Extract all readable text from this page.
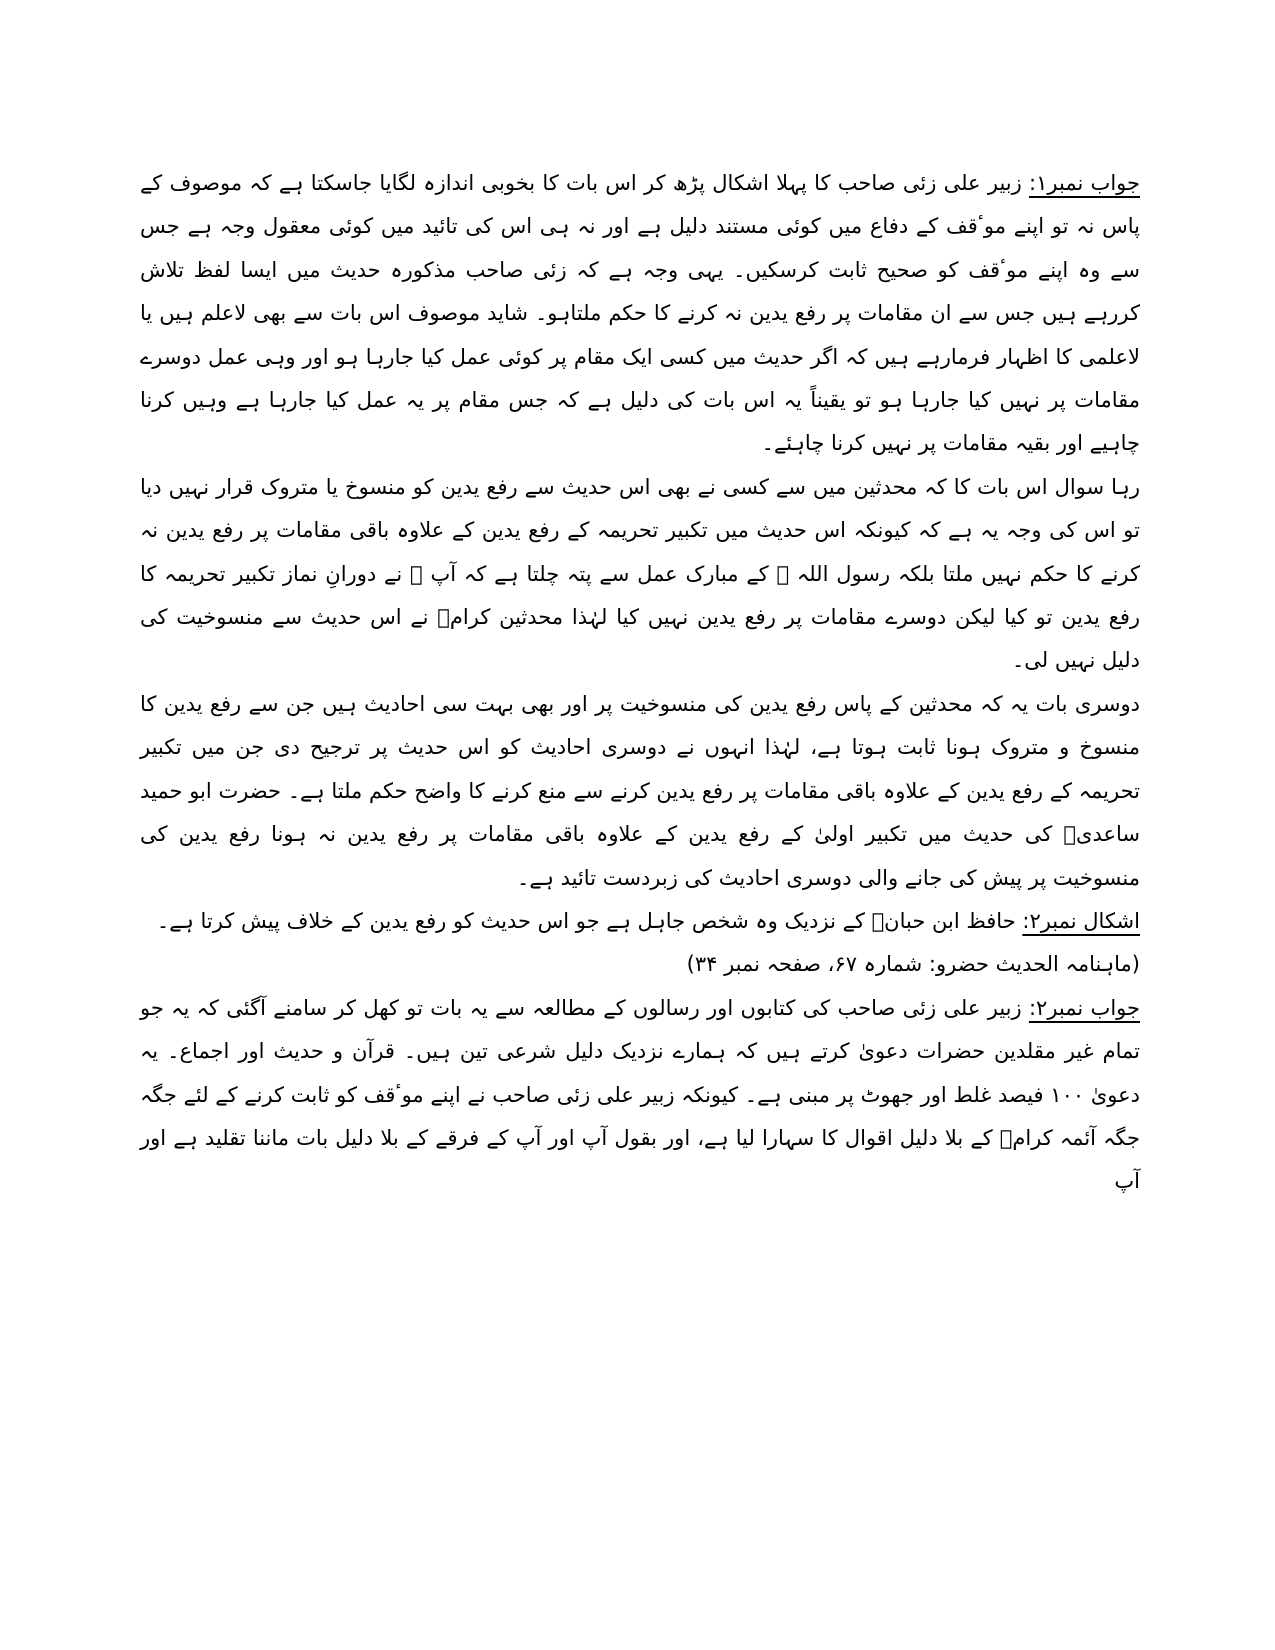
جواب نمبر۱: زبیر علی زئی صاحب کا پہلا اشکال پڑھ کر اس بات کا بخوبی اندازہ لگایا جاسکتا ہے کہ موصوف کے پاس نہ تو اپنے موٴقف کے دفاع میں کوئی مستند دلیل ہے اور نہ ہی اس کی تائید میں کوئی معقول وجہ ہے جس سے وہ اپنے موٴقف کو صحیح ثابت کرسکیں۔ یہی وجہ ہے کہ زئی صاحب مذکورہ حدیث میں ایسا لفظ تلاش کررہے ہیں جس سے ان مقامات پر رفع یدین نہ کرنے کا حکم ملتاہو۔ شاید موصوف اس بات سے بھی لاعلم ہیں یا لاعلمی کا اظہار فرمارہے ہیں کہ اگر حدیث میں کسی ایک مقام پر کوئی عمل کیا جارہا ہو اور وہی عمل دوسرے مقامات پر نہیں کیا جارہا ہو تو یقیناً یہ اس بات کی دلیل ہے کہ جس مقام پر یہ عمل کیا جارہا ہے وہیں کرنا چاہیے اور بقیہ مقامات پر نہیں کرنا چاہئے۔

رہا سوال اس بات کا کہ محدثین میں سے کسی نے بھی اس حدیث سے رفع یدین کو منسوخ یا متروک قرار نہیں دیا تو اس کی وجہ یہ ہے کہ کیونکہ اس حدیث میں تکبیر تحریمہ کے رفع یدین کے علاوہ باقی مقامات پر رفع یدین نہ کرنے کا حکم نہیں ملتا بلکہ رسول اللہ ﷺ کے مبارک عمل سے پتہ چلتا ہے کہ آپ ﷺ نے دورانِ نماز تکبیر تحریمہ کا رفع یدین تو کیا لیکن دوسرے مقامات پر رفع یدین نہیں کیا لہٰذا محدثین کرامؒ نے اس حدیث سے منسوخیت کی دلیل نہیں لی۔

دوسری بات یہ کہ محدثین کے پاس رفع یدین کی منسوخیت پر اور بھی بہت سی احادیث ہیں جن سے رفع یدین کا منسوخ و متروک ہونا ثابت ہوتا ہے، لہٰذا انہوں نے دوسری احادیث کو اس حدیث پر ترجیح دی جن میں تکبیر تحریمہ کے رفع یدین کے علاوہ باقی مقامات پر رفع یدین کرنے سے منع کرنے کا واضح حکم ملتا ہے۔ حضرت ابو حمید ساعدیؓ کی حدیث میں تکبیر اولیٰ کے رفع یدین کے علاوہ باقی مقامات پر رفع یدین نہ ہونا رفع یدین کی منسوخیت پر پیش کی جانے والی دوسری احادیث کی زبردست تائید ہے۔

اشکال نمبر۲: حافظ ابن حبانؒ کے نزدیک وہ شخص جاہل ہے جو اس حدیث کو رفع یدین کے خلاف پیش کرتا ہے۔

(ماہنامہ الحدیث حضرو: شمارہ ۶۷، صفحہ نمبر ۳۴)

جواب نمبر۲: زبیر علی زئی صاحب کی کتابوں اور رسالوں کے مطالعہ سے یہ بات تو کھل کر سامنے آگئی کہ یہ جو تمام غیر مقلدین حضرات دعویٰ کرتے ہیں کہ ہمارے نزدیک دلیل شرعی تین ہیں۔ قرآن و حدیث اور اجماع۔ یہ دعویٰ ۱۰۰ فیصد غلط اور جھوٹ پر مبنی ہے۔ کیونکہ زبیر علی زئی صاحب نے اپنے موٴقف کو ثابت کرنے کے لئے جگہ جگہ آئمہ کرامؒ کے بلا دلیل اقوال کا سہارا لیا ہے، اور بقول آپ اور آپ کے فرقے کے بلا دلیل بات ماننا تقلید ہے اور آپ
